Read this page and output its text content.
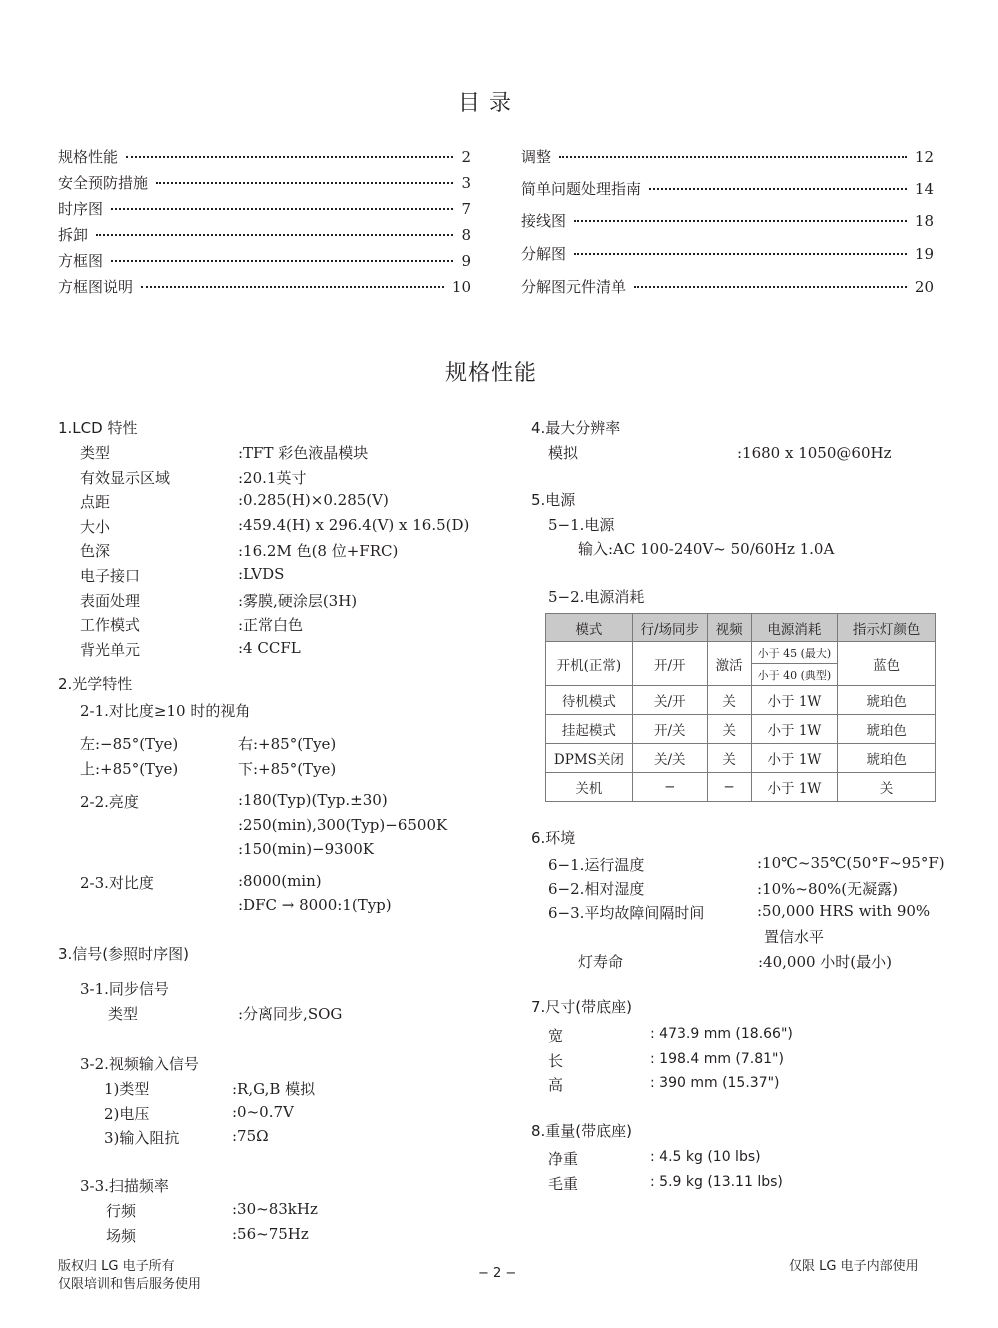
目 录
规格性能	2
安全预防措施	3
时序图	7
拆卸	8
方框图	9
方框图说明	10
调整	12
简单问题处理指南	14
接线图	18
分解图	19
分解图元件清单	20
规格性能
1.LCD 特性
类型	:TFT 彩色液晶模块
有效显示区域	:20.1英寸
点距	:0.285(H)×0.285(V)
大小	:459.4(H) x 296.4(V) x 16.5(D)
色深	:16.2M 色(8 位+FRC)
电子接口	:LVDS
表面处理	:雾膜,硬涂层(3H)
工作模式	:正常白色
背光单元	:4 CCFL
2.光学特性
2-1.对比度≥10 时的视角
左:−85°(Tye)	右:+85°(Tye)
上:+85°(Tye)	下:+85°(Tye)
2-2.亮度	:180(Typ)(Typ.±30)
:250(min),300(Typ)−6500K
:150(min)−9300K
2-3.对比度	:8000(min)
:DFC → 8000:1(Typ)
3.信号(参照时序图)
3-1.同步信号
类型	:分离同步,SOG
3-2.视频输入信号
1)类型	:R,G,B 模拟
2)电压	:0~0.7V
3)输入阻抗	:75Ω
3-3.扫描频率
行频	:30~83kHz
场频	:56~75Hz
4.最大分辨率
模拟	:1680 x 1050@60Hz
5.电源
5−1.电源
输入:AC 100-240V~ 50/60Hz 1.0A
5−2.电源消耗
模式	行/场同步	视频	电源消耗	指示灯颜色
开机(正常)	开/开	激活	小于 45 (最大)	蓝色
			小于 40 (典型)	
待机模式	关/开	关	小于 1W	琥珀色
挂起模式	开/关	关	小于 1W	琥珀色
DPMS关闭	关/关	关	小于 1W	琥珀色
关机	−	−	小于 1W	关
6.环境
6−1.运行温度	:10℃~35℃(50°F~95°F)
6−2.相对湿度	:10%~80%(无凝露)
6−3.平均故障间隔时间	:50,000 HRS with 90%
置信水平
灯寿命	:40,000 小时(最小)
7.尺寸(带底座)
宽	: 473.9 mm (18.66")
长	: 198.4 mm (7.81")
高	: 390 mm (15.37")
8.重量(带底座)
净重	: 4.5 kg (10 lbs)
毛重	: 5.9 kg (13.11 lbs)
版权归 LG 电子所有
仅限培训和售后服务使用
− 2 −	仅限 LG 电子内部使用
